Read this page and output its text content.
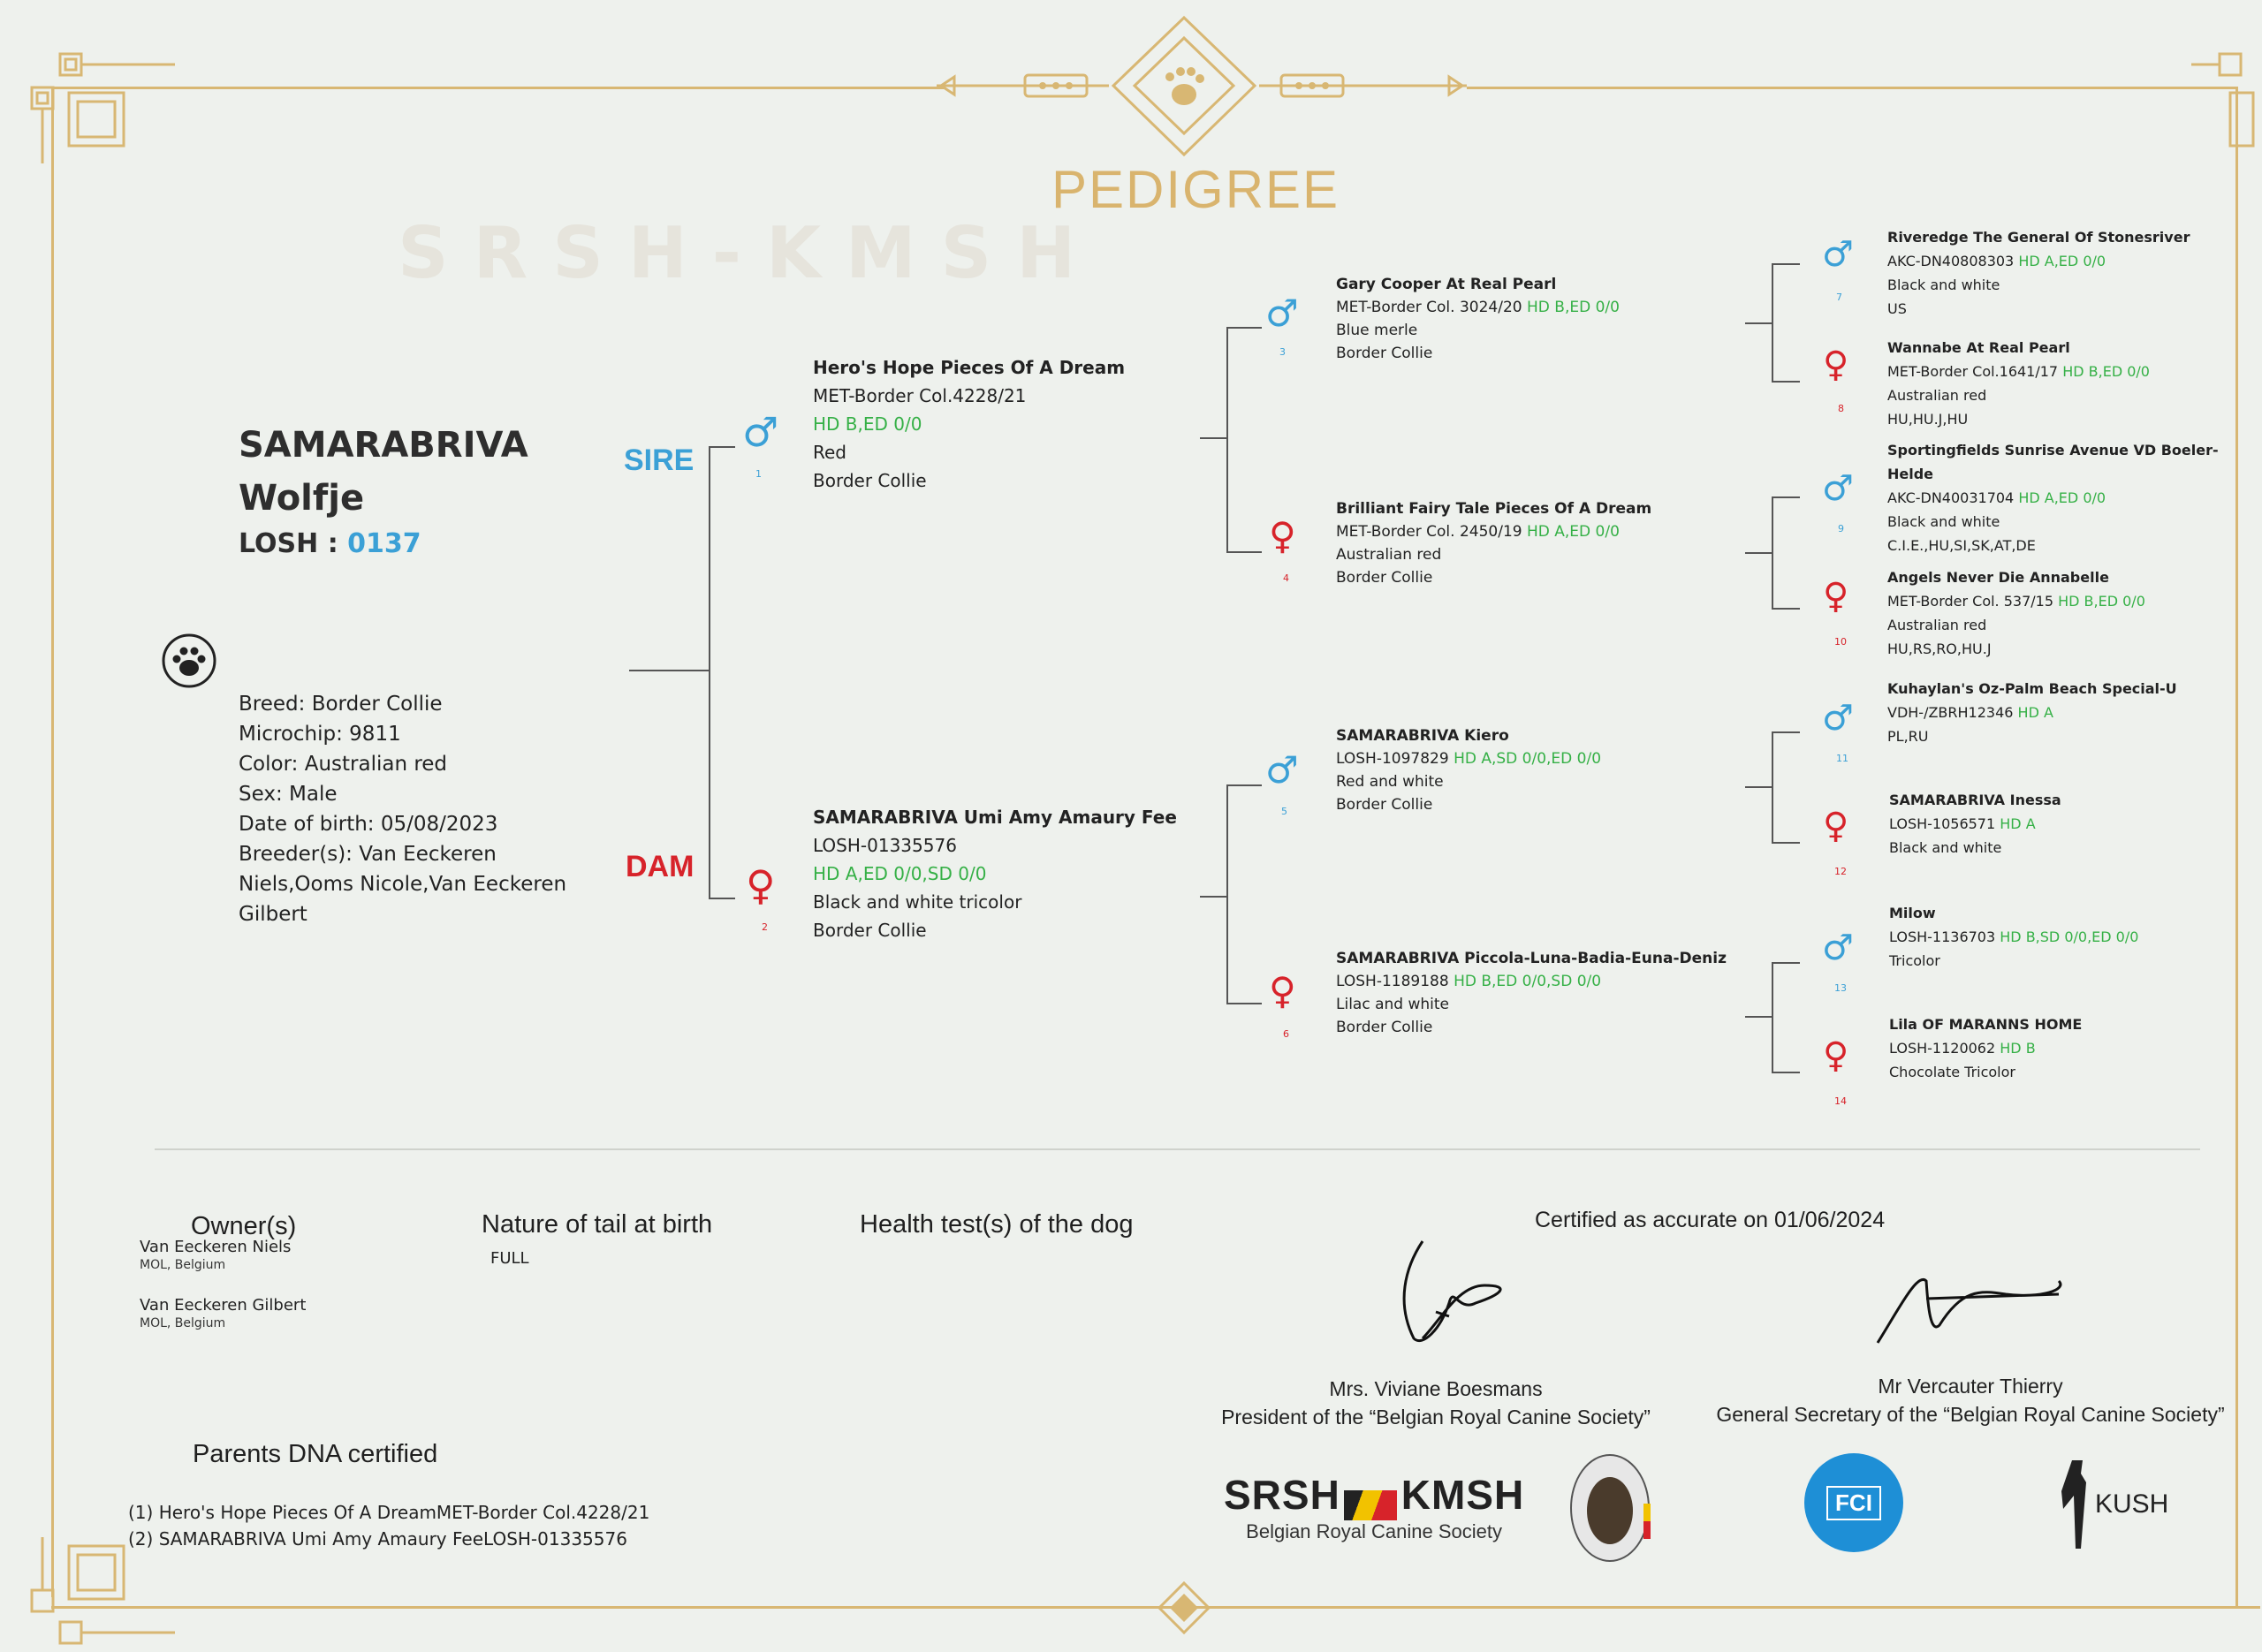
SRSH-KMSH
PEDIGREE
SAMARABRIVA
Wolfje
LOSH : 0137
Breed: Border Collie
Microchip: 9811
Color: Australian red
Sex: Male
Date of birth: 05/08/2023
Breeder(s): Van Eeckeren
Niels,Ooms Nicole,Van Eeckeren
Gilbert
SIRE
DAM
♂
1
Hero's Hope Pieces Of A Dream
MET-Border Col.4228/21
HD B,ED 0/0
Red
Border Collie
♀
2
SAMARABRIVA Umi Amy Amaury Fee
LOSH-01335576
HD A,ED 0/0,SD 0/0
Black and white tricolor
Border Collie
♂
3
Gary Cooper At Real Pearl
MET-Border Col. 3024/20 HD B,ED 0/0
Blue merle
Border Collie
♀
4
Brilliant Fairy Tale Pieces Of A Dream
MET-Border Col. 2450/19 HD A,ED 0/0
Australian red
Border Collie
♂
5
SAMARABRIVA Kiero
LOSH-1097829 HD A,SD 0/0,ED 0/0
Red and white
Border Collie
♀
6
SAMARABRIVA Piccola-Luna-Badia-Euna-Deniz
LOSH-1189188 HD B,ED 0/0,SD 0/0
Lilac and white
Border Collie
♂
7
Riveredge The General Of Stonesriver
AKC-DN40808303 HD A,ED 0/0
Black and white
US
♀
8
Wannabe At Real Pearl
MET-Border Col.1641/17 HD B,ED 0/0
Australian red
HU,HU.J,HU
♂
9
Sportingfields Sunrise Avenue VD Boeler-
Helde
AKC-DN40031704 HD A,ED 0/0
Black and white
C.I.E.,HU,SI,SK,AT,DE
♀
10
Angels Never Die Annabelle
MET-Border Col. 537/15 HD B,ED 0/0
Australian red
HU,RS,RO,HU.J
♂
11
Kuhaylan's Oz-Palm Beach Special-U
VDH-/ZBRH12346 HD A
PL,RU
♀
12
SAMARABRIVA Inessa
LOSH-1056571 HD A
Black and white
♂
13
Milow
LOSH-1136703 HD B,SD 0/0,ED 0/0
Tricolor
♀
14
Lila OF MARANNS HOME
LOSH-1120062 HD B
Chocolate Tricolor
Owner(s)
Van Eeckeren Niels
MOL, Belgium
Van Eeckeren Gilbert
MOL, Belgium
Nature of tail at birth
FULL
Health test(s) of the dog	Certified as accurate on 01/06/2024
Mrs. Viviane Boesmans
President of the “Belgian Royal Canine Society”
Mr Vercauter Thierry
General Secretary of the “Belgian Royal Canine Society”
Parents DNA certified
(1) Hero's Hope Pieces Of A DreamMET-Border Col.4228/21
(2) SAMARABRIVA Umi Amy Amaury FeeLOSH-01335576
SRSH KMSH
Belgian Royal Canine Society
FCI	KUSH
